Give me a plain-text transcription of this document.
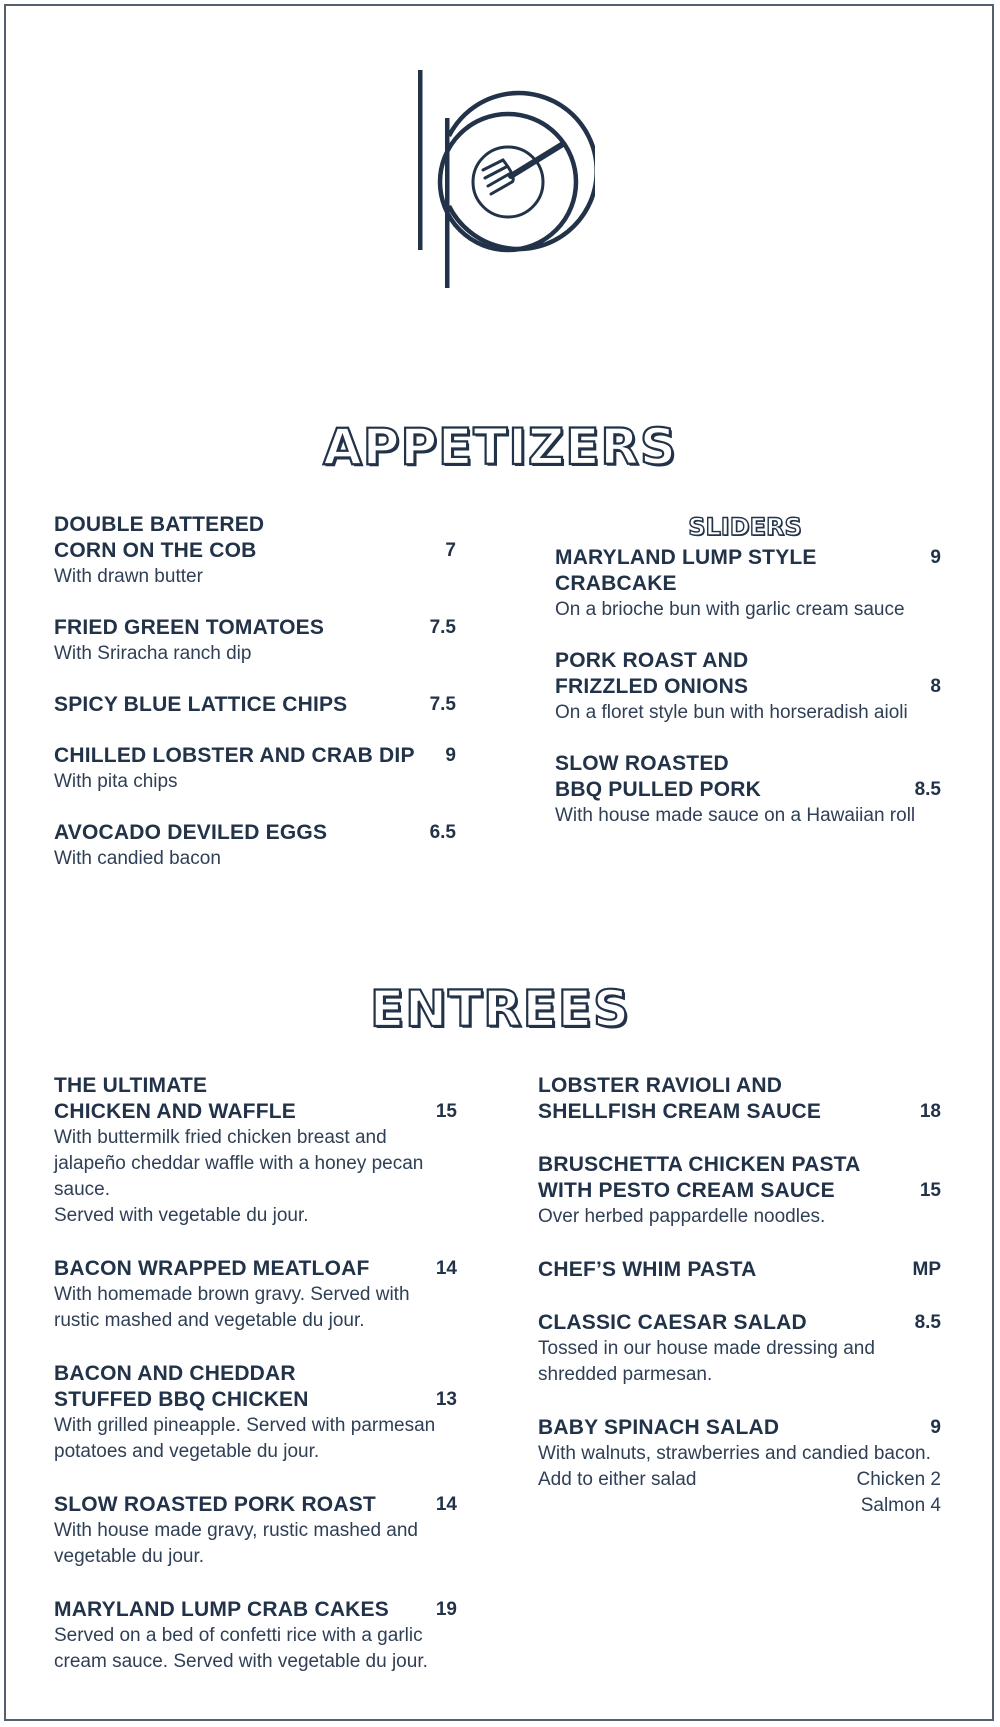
APPETIZERS
DOUBLE BATTERED
CORN ON THE COB	7
With drawn butter
FRIED GREEN TOMATOES	7.5
With Sriracha ranch dip
SPICY BLUE LATTICE CHIPS	7.5
CHILLED LOBSTER AND CRAB DIP	9
With pita chips
AVOCADO DEVILED EGGS	6.5
With candied bacon
SLIDERS
MARYLAND LUMP STYLE CRABCAKE
9
On a brioche bun with garlic cream sauce
PORK ROAST AND
FRIZZLED ONIONS	8
On a floret style bun with horseradish aioli
SLOW ROASTED
BBQ PULLED PORK	8.5
With house made sauce on a Hawaiian roll
ENTREES
THE ULTIMATE
CHICKEN AND WAFFLE	15
With buttermilk fried chicken breast and
jalapeño cheddar waffle with a honey pecan sauce.
Served with vegetable du jour.
BACON WRAPPED MEATLOAF	14
With homemade brown gravy. Served with
rustic mashed and vegetable du jour.
BACON AND CHEDDAR
STUFFED BBQ CHICKEN	13
With grilled pineapple. Served with parmesan
potatoes and vegetable du jour.
SLOW ROASTED PORK ROAST	14
With house made gravy, rustic mashed and
vegetable du jour.
MARYLAND LUMP CRAB CAKES	19
Served on a bed of confetti rice with a garlic
cream sauce. Served with vegetable du jour.
LOBSTER RAVIOLI AND
SHELLFISH CREAM SAUCE	18
BRUSCHETTA CHICKEN PASTA
WITH PESTO CREAM SAUCE	15
Over herbed pappardelle noodles.
CHEF’S WHIM PASTA	MP
CLASSIC CAESAR SALAD	8.5
Tossed in our house made dressing and
shredded parmesan.
BABY SPINACH SALAD	9
With walnuts, strawberries and candied bacon.
Add to either salad	Chicken 2
Salmon 4
